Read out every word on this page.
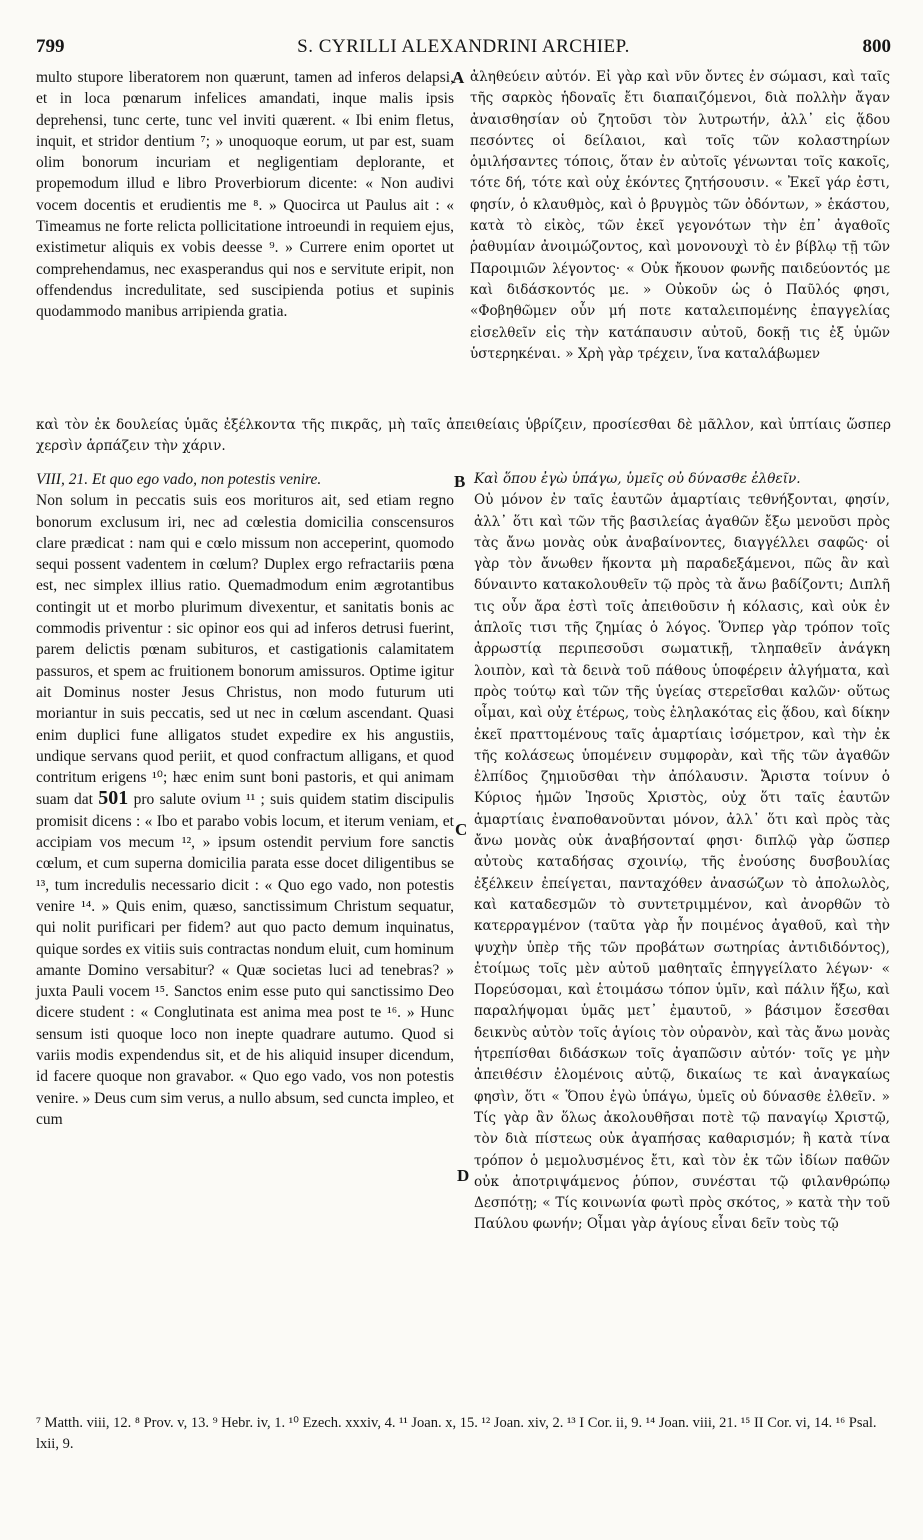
799	S. CYRILLI ALEXANDRINI ARCHIEP.	800
multo stupore liberatorem non quærunt, tamen ad inferos delapsi, et in loca pœnarum infelices amandati, inque malis ipsis deprehensi, tunc certe, tunc vel inviti quærent. « Ibi enim fletus, inquit, et stridor dentium ⁷; » unoquoque eorum, ut par est, suam olim bonorum incuriam et negligentiam deplorante, et propemodum illud e libro Proverbiorum dicente: « Non audivi vocem docentis et erudientis me ⁸. » Quocirca ut Paulus ait : « Timeamus ne forte relicta pollicitatione introeundi in requiem ejus, existimetur aliquis ex vobis deesse ⁹. » Currere enim oportet ut comprehendamus, nec exasperandus qui nos e servitute eripit, non offendendus incredulitate, sed suscipienda potius et supinis quodammodo manibus arripienda gratia.
A ἀληθεύειν αὐτόν. Εἰ γὰρ καὶ νῦν ὄντες ἐν σώμασι, καὶ ταῖς τῆς σαρκὸς ἡδοναῖς ἔτι διαπαιζόμενοι, διὰ πολλὴν ἄγαν ἀναισθησίαν οὐ ζητοῦσι τὸν λυτρωτήν, ἀλλ᾽ εἰς ᾅδου πεσόντες οἱ δείλαιοι, καὶ τοῖς τῶν κολαστηρίων ὁμιλήσαντες τόποις, ὅταν ἐν αὐτοῖς γένωνται τοῖς κακοῖς, τότε δή, τότε καὶ οὐχ ἑκόντες ζητήσουσιν. « Ἐκεῖ γάρ ἐστι, φησίν, ὁ κλαυθμὸς, καὶ ὁ βρυγμὸς τῶν ὀδόντων, » ἑκάστου, κατὰ τὸ εἰκὸς, τῶν ἐκεῖ γεγονότων τὴν ἐπ᾽ ἀγαθοῖς ῥαθυμίαν ἀνοιμώζοντος, καὶ μονονουχὶ τὸ ἐν βίβλῳ τῇ τῶν Παροιμιῶν λέγοντος· « Οὐκ ἤκουον φωνῆς παιδεύοντός με καὶ διδάσκοντός με. » Οὐκοῦν ὡς ὁ Παῦλός φησι, «Φοβηθῶμεν οὖν μή ποτε καταλειπομένης ἐπαγγελίας εἰσελθεῖν εἰς τὴν κατάπαυσιν αὐτοῦ, δοκῇ τις ἐξ ὑμῶν ὑστερηκέναι. » Χρὴ γὰρ τρέχειν, ἵνα καταλάβωμεν
καὶ τὸν ἐκ δουλείας ὑμᾶς ἐξέλκοντα τῆς πικρᾶς, μὴ ταῖς ἀπειθείαις ὑβρίζειν, προσίεσθαι δὲ μᾶλλον, καὶ ὑπτίαις ὥσπερ χερσὶν ἁρπάζειν τὴν χάριν.
VIII, 21. Et quo ego vado, non potestis venire.
Non solum in peccatis suis eos morituros ait, sed etiam regno bonorum exclusum iri, nec ad cœlestia domicilia conscensuros clare prædicat : nam qui e cœlo missum non acceperint, quomodo sequi possent vadentem in cœlum? Duplex ergo refractariis pœna est, nec simplex illius ratio. Quemadmodum enim ægrotantibus contingit ut et morbo plurimum divexentur, et sanitatis bonis ac commodis priventur : sic opinor eos qui ad inferos detrusi fuerint, parem delictis pœnam subituros, et castigationis calamitatem passuros, et spem ac fruitionem bonorum amissuros. Optime igitur ait Dominus noster Jesus Christus, non modo futurum uti moriantur in suis peccatis, sed ut nec in cœlum ascendant. Quasi enim duplici fune alligatos studet expedire ex his angustiis, undique servans quod periit, et quod confractum alligans, et quod contritum erigens ¹⁰; hæc enim sunt boni pastoris, et qui animam suam dat 501 pro salute ovium ¹¹ ; suis quidem statim discipulis promisit dicens : « Ibo et parabo vobis locum, et iterum veniam, et accipiam vos mecum ¹², » ipsum ostendit pervium fore sanctis cœlum, et cum superna domicilia parata esse docet diligentibus se ¹³, tum incredulis necessario dicit : « Quo ego vado, non potestis venire ¹⁴. » Quis enim, quæso, sanctissimum Christum sequatur, qui nolit purificari per fidem? aut quo pacto demum inquinatus, quique sordes ex vitiis suis contractas nondum eluit, cum hominum amante Domino versabitur? « Quæ societas luci ad tenebras? » juxta Pauli vocem ¹⁵. Sanctos enim esse puto qui sanctissimo Deo dicere student : « Conglutinata est anima mea post te ¹⁶. » Hunc sensum isti quoque loco non inepte quadrare autumo. Quod si variis modis expendendus sit, et de his aliquid insuper dicendum, id facere quoque non gravabor. « Quo ego vado, vos non potestis venire. » Deus cum sim verus, a nullo absum, sed cuncta impleo, et cum
B
C
D
Καὶ ὅπου ἐγὼ ὑπάγω, ὑμεῖς οὐ δύνασθε ἐλθεῖν.
Οὐ μόνον ἐν ταῖς ἑαυτῶν ἁμαρτίαις τεθνήξονται, φησίν, ἀλλ᾽ ὅτι καὶ τῶν τῆς βασιλείας ἀγαθῶν ἔξω μενοῦσι πρὸς τὰς ἄνω μονὰς οὐκ ἀναβαίνοντες, διαγγέλλει σαφῶς· οἱ γὰρ τὸν ἄνωθεν ἥκοντα μὴ παραδεξάμενοι, πῶς ἂν καὶ δύναιντο κατακολουθεῖν τῷ πρὸς τὰ ἄνω βαδίζοντι; Διπλῆ τις οὖν ἄρα ἐστὶ τοῖς ἀπειθοῦσιν ἡ κόλασις, καὶ οὐκ ἐν ἁπλοῖς τισι τῆς ζημίας ὁ λόγος. Ὅνπερ γὰρ τρόπον τοῖς ἀρρωστίᾳ περιπεσοῦσι σωματικῇ, τληπαθεῖν ἀνάγκη λοιπὸν, καὶ τὰ δεινὰ τοῦ πάθους ὑποφέρειν ἀλγήματα, καὶ πρὸς τούτῳ καὶ τῶν τῆς ὑγείας στερεῖσθαι καλῶν· οὕτως οἶμαι, καὶ οὐχ ἑτέρως, τοὺς ἐληλακότας εἰς ᾅδου, καὶ δίκην ἐκεῖ πραττομένους ταῖς ἁμαρτίαις ἰσόμετρον, καὶ τὴν ἐκ τῆς κολάσεως ὑπομένειν συμφορὰν, καὶ τῆς τῶν ἀγαθῶν ἐλπίδος ζημιοῦσθαι τὴν ἀπόλαυσιν. Ἄριστα τοίνυν ὁ Κύριος ἡμῶν Ἰησοῦς Χριστὸς, οὐχ ὅτι ταῖς ἑαυτῶν ἁμαρτίαις ἐναποθανοῦνται μόνον, ἀλλ᾽ ὅτι καὶ πρὸς τὰς ἄνω μονὰς οὐκ ἀναβήσονταί φησι· διπλῷ γὰρ ὥσπερ αὐτοὺς καταδήσας σχοινίῳ, τῆς ἐνούσης δυσβουλίας ἐξέλκειν ἐπείγεται, πανταχόθεν ἀνασώζων τὸ ἀπολωλὸς, καὶ καταδεσμῶν τὸ συντετριμμένον, καὶ ἀνορθῶν τὸ κατερραγμένον (ταῦτα γὰρ ἦν ποιμένος ἀγαθοῦ, καὶ τὴν ψυχὴν ὑπὲρ τῆς τῶν προβάτων σωτηρίας ἀντιδιδόντος), ἐτοίμως τοῖς μὲν αὐτοῦ μαθηταῖς ἐπηγγείλατο λέγων· « Πορεύσομαι, καὶ ἑτοιμάσω τόπον ὑμῖν, καὶ πάλιν ἥξω, καὶ παραλήψομαι ὑμᾶς μετ᾽ ἐμαυτοῦ, » βάσιμον ἔσεσθαι δεικνὺς αὐτὸν τοῖς ἁγίοις τὸν οὐρανὸν, καὶ τὰς ἄνω μονὰς ἡτρεπίσθαι διδάσκων τοῖς ἀγαπῶσιν αὐτόν· τοῖς γε μὴν ἀπειθέσιν ἐλομένοις αὐτῷ, δικαίως τε καὶ ἀναγκαίως φησὶν, ὅτι « Ὅπου ἐγὼ ὑπάγω, ὑμεῖς οὐ δύνασθε ἐλθεῖν. » Τίς γὰρ ἂν ὅλως ἀκολουθῆσαι ποτὲ τῷ παναγίῳ Χριστῷ, τὸν διὰ πίστεως οὐκ ἀγαπήσας καθαρισμόν; ἢ κατὰ τίνα τρόπον ὁ μεμολυσμένος ἔτι, καὶ τὸν ἐκ τῶν ἰδίων παθῶν οὐκ ἀποτριψάμενος ῥύπον, συνέσται τῷ φιλανθρώπῳ Δεσπότῃ; « Τίς κοινωνία φωτὶ πρὸς σκότος, » κατὰ τὴν τοῦ Παύλου φωνήν; Οἶμαι γὰρ ἁγίους εἶναι δεῖν τοὺς τῷ
⁷ Matth. viii, 12. ⁸ Prov. v, 13. ⁹ Hebr. iv, 1. ¹⁰ Ezech. xxxiv, 4. ¹¹ Joan. x, 15. ¹² Joan. xiv, 2. ¹³ I Cor. ii, 9. ¹⁴ Joan. viii, 21. ¹⁵ II Cor. vi, 14. ¹⁶ Psal. lxii, 9.
